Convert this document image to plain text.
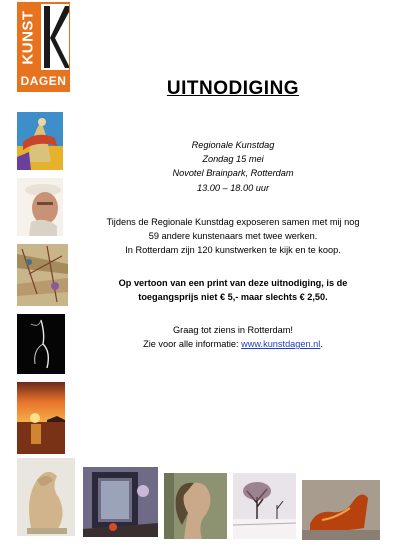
KUNST
DAGEN	UITNODIGING
Regionale Kunstdag
Zondag 15 mei
Novotel Brainpark, Rotterdam
13.00 – 18.00 uur
Tijdens de Regionale Kunstdag exposeren samen met mij nog
59 andere kunstenaars met twee werken.
In Rotterdam zijn 120 kunstwerken te kijk en te koop.
Op vertoon van een print van deze uitnodiging, is de
toegangsprijs niet € 5,- maar slechts € 2,50.
Graag tot ziens in Rotterdam!
Zie voor alle informatie: www.kunstdagen.nl.
